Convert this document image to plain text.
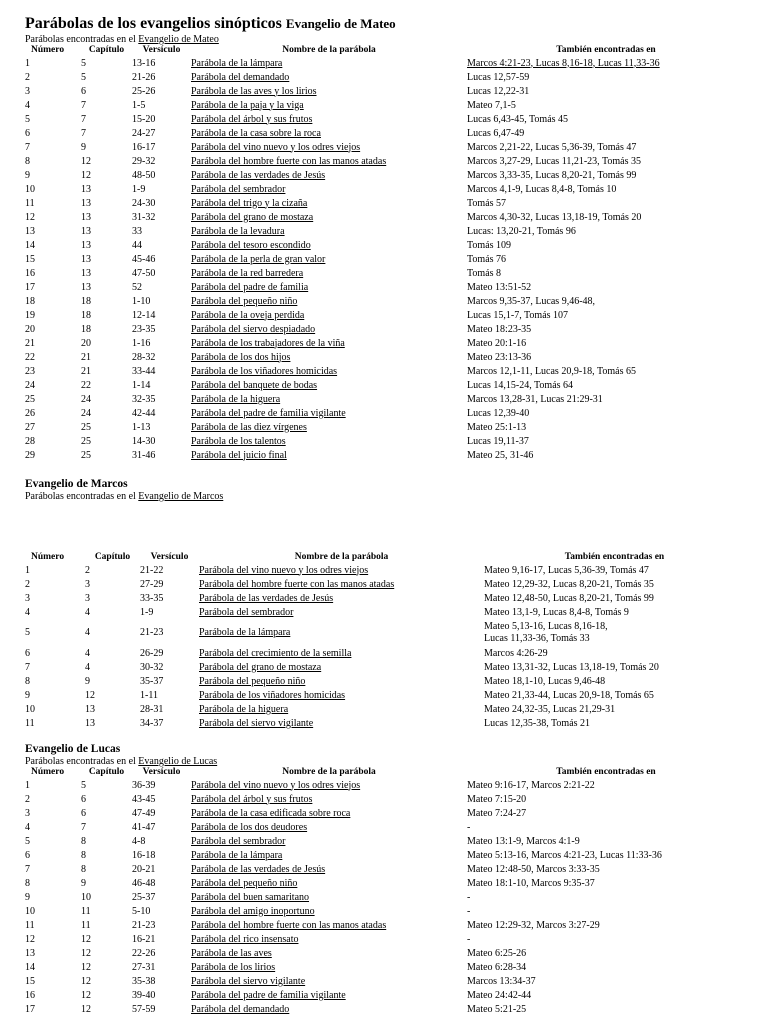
Parábolas de los evangelios sinópticos Evangelio de Mateo
Parábolas encontradas en el Evangelio de Mateo
Número	Capítulo	Versículo	Nombre de la parábola	También encontradas en
1	5	13-16	Parábola de la lámpara	Marcos 4:21-23, Lucas 8,16-18, Lucas 11,33-36
2	5	21-26	Parábola del demandado	Lucas 12,57-59
3	6	25-26	Parábola de las aves y los lirios	Lucas 12,22-31
4	7	1-5	Parábola de la paja y la viga	Mateo 7,1-5
5	7	15-20	Parábola del árbol y sus frutos	Lucas 6,43-45, Tomás 45
6	7	24-27	Parábola de la casa sobre la roca	Lucas 6,47-49
7	9	16-17	Parábola del vino nuevo y los odres viejos	Marcos 2,21-22, Lucas 5,36-39, Tomás 47
8	12	29-32	Parábola del hombre fuerte con las manos atadas	Marcos 3,27-29, Lucas 11,21-23, Tomás 35
9	12	48-50	Parábola de las verdades de Jesús	Marcos 3,33-35, Lucas 8,20-21, Tomás 99
10	13	1-9	Parábola del sembrador	Marcos 4,1-9, Lucas 8,4-8, Tomás 10
11	13	24-30	Parábola del trigo y la cizaña	Tomás 57
12	13	31-32	Parábola del grano de mostaza	Marcos 4,30-32, Lucas 13,18-19, Tomás 20
13	13	33	Parábola de la levadura	Lucas: 13,20-21, Tomás 96
14	13	44	Parábola del tesoro escondido	Tomás 109
15	13	45-46	Parábola de la perla de gran valor	Tomás 76
16	13	47-50	Parábola de la red barredera	Tomás 8
17	13	52	Parábola del padre de familia	Mateo 13:51-52
18	18	1-10	Parábola del pequeño niño	Marcos 9,35-37, Lucas 9,46-48,
19	18	12-14	Parábola de la oveja perdida	Lucas 15,1-7, Tomás 107
20	18	23-35	Parábola del siervo despiadado	Mateo 18:23-35
21	20	1-16	Parábola de los trabajadores de la viña	Mateo 20:1-16
22	21	28-32	Parábola de los dos hijos	Mateo 23:13-36
23	21	33-44	Parábola de los viñadores homicidas	Marcos 12,1-11, Lucas 20,9-18, Tomás 65
24	22	1-14	Parábola del banquete de bodas	Lucas 14,15-24, Tomás 64
25	24	32-35	Parábola de la higuera	Marcos 13,28-31, Lucas 21:29-31
26	24	42-44	Parábola del padre de familia vigilante	Lucas 12,39-40
27	25	1-13	Parábola de las diez vírgenes	Mateo 25:1-13
28	25	14-30	Parábola de los talentos	Lucas 19,11-37
29	25	31-46	Parábola del juicio final	Mateo 25, 31-46
Evangelio de Marcos
Parábolas encontradas en el Evangelio de Marcos
Número	Capítulo	Versículo	Nombre de la parábola	También encontradas en
1	2	21-22	Parábola del vino nuevo y los odres viejos	Mateo 9,16-17, Lucas 5,36-39, Tomás 47
2	3	27-29	Parábola del hombre fuerte con las manos atadas	Mateo 12,29-32, Lucas 8,20-21, Tomás 35
3	3	33-35	Parábola de las verdades de Jesús	Mateo 12,48-50, Lucas 8,20-21, Tomás 99
4	4	1-9	Parábola del sembrador	Mateo 13,1-9, Lucas 8,4-8, Tomás 9
5	4	21-23	Parábola de la lámpara	Mateo 5,13-16, Lucas 8,16-18,
Lucas 11,33-36, Tomás 33

6	4	26-29	Parábola del crecimiento de la semilla	Marcos 4:26-29
7	4	30-32	Parábola del grano de mostaza	Mateo 13,31-32, Lucas 13,18-19, Tomás 20
8	9	35-37	Parábola del pequeño niño	Mateo 18,1-10, Lucas 9,46-48
9	12	1-11	Parábola de los viñadores homicidas	Mateo 21,33-44, Lucas 20,9-18, Tomás 65
10	13	28-31	Parábola de la higuera	Mateo 24,32-35, Lucas 21,29-31
11	13	34-37	Parábola del siervo vigilante	Lucas 12,35-38, Tomás 21
Evangelio de Lucas
Parábolas encontradas en el Evangelio de Lucas
Número	Capítulo	Versículo	Nombre de la parábola	También encontradas en
1	5	36-39	Parábola del vino nuevo y los odres viejos	Mateo 9:16-17, Marcos 2:21-22
2	6	43-45	Parábola del árbol y sus frutos	Mateo 7:15-20
3	6	47-49	Parábola de la casa edificada sobre roca	Mateo 7:24-27
4	7	41-47	Parábola de los dos deudores	-
5	8	4-8	Parábola del sembrador	Mateo 13:1-9, Marcos 4:1-9
6	8	16-18	Parábola de la lámpara	Mateo 5:13-16, Marcos 4:21-23, Lucas 11:33-36
7	8	20-21	Parábola de las verdades de Jesús	Mateo 12:48-50, Marcos 3:33-35
8	9	46-48	Parábola del pequeño niño	Mateo 18:1-10, Marcos 9:35-37
9	10	25-37	Parábola del buen samaritano	-
10	11	5-10	Parábola del amigo inoportuno	-
11	11	21-23	Parábola del hombre fuerte con las manos atadas	Mateo 12:29-32, Marcos 3:27-29
12	12	16-21	Parábola del rico insensato	-
13	12	22-26	Parábola de las aves	Mateo 6:25-26
14	12	27-31	Parábola de los lirios	Mateo 6:28-34
15	12	35-38	Parábola del siervo vigilante	Marcos 13:34-37
16	12	39-40	Parábola del padre de familia vigilante	Mateo 24:42-44
17	12	57-59	Parábola del demandado	Mateo 5:21-25
